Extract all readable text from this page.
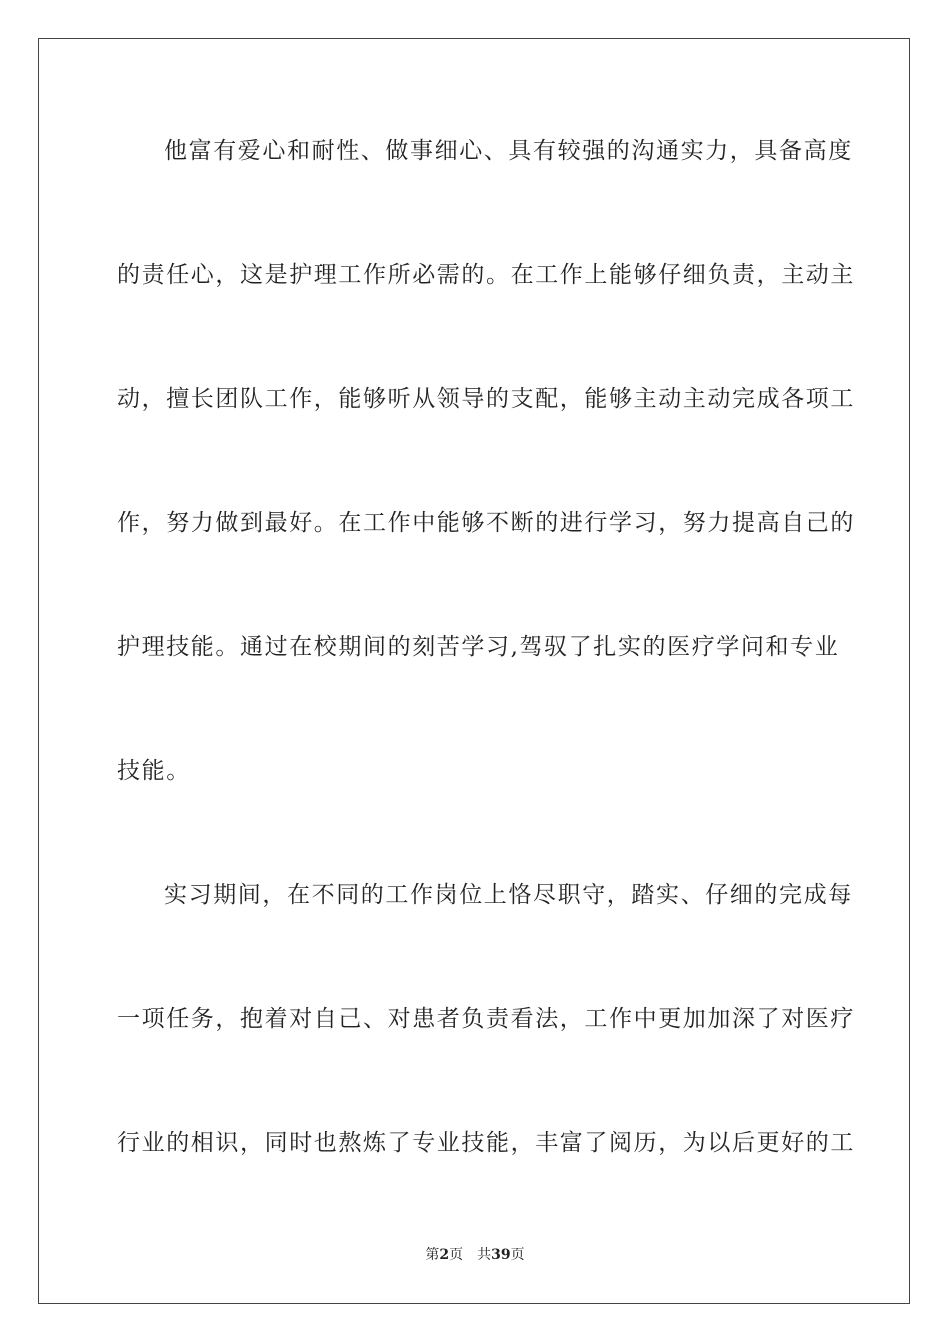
他富有爱心和耐性、做事细心、具有较强的沟通实力，具备高度
的责任心，这是护理工作所必需的。在工作上能够仔细负责，主动主
动，擅长团队工作，能够听从领导的支配，能够主动主动完成各项工
作，努力做到最好。在工作中能够不断的进行学习，努力提高自己的
护理技能。通过在校期间的刻苦学习,驾驭了扎实的医疗学问和专业
技能。
实习期间，在不同的工作岗位上恪尽职守，踏实、仔细的完成每
一项任务，抱着对自己、对患者负责看法，工作中更加加深了对医疗
行业的相识，同时也熬炼了专业技能，丰富了阅历，为以后更好的工
第2页 共39页
